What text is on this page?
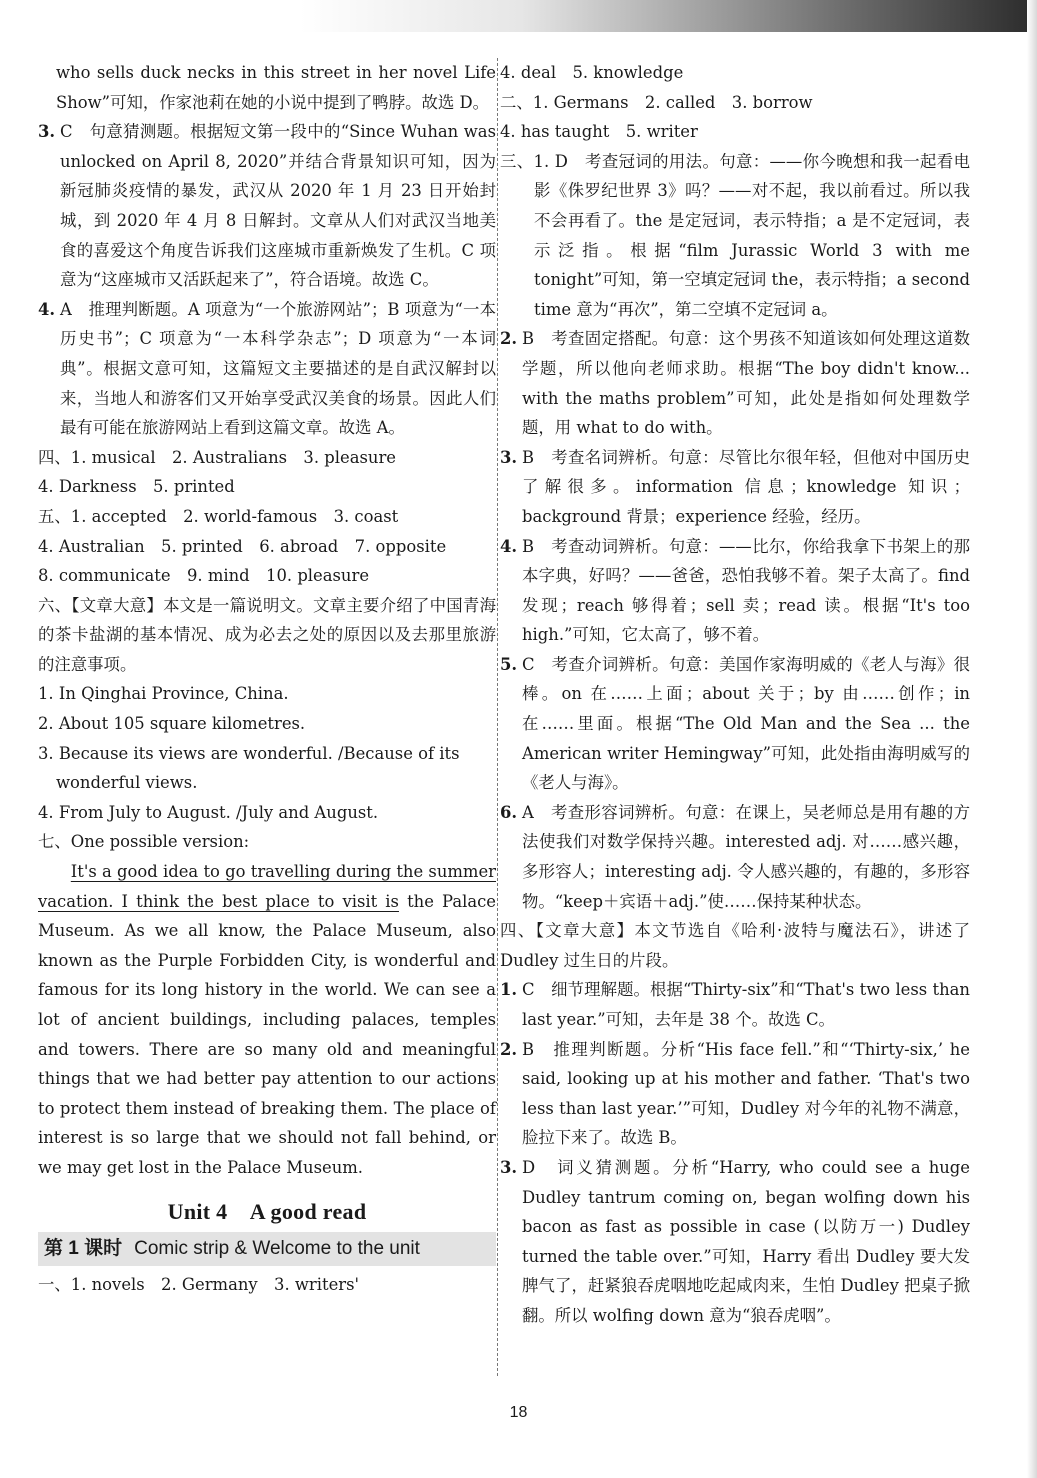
who sells duck necks in this street in her novel Life Show”可知，作家池莉在她的小说中提到了鸭脖。故选 D。

3. C　句意猜测题。根据短文第一段中的“Since Wuhan was unlocked on April 8, 2020”并结合背景知识可知，因为新冠肺炎疫情的暴发，武汉从 2020 年 1 月 23 日开始封城，到 2020 年 4 月 8 日解封。文章从人们对武汉当地美食的喜爱这个角度告诉我们这座城市重新焕发了生机。C 项意为“这座城市又活跃起来了”，符合语境。故选 C。

4. A　推理判断题。A 项意为“一个旅游网站”；B 项意为“一本历史书”；C 项意为“一本科学杂志”；D 项意为“一本词典”。根据文意可知，这篇短文主要描述的是自武汉解封以来，当地人和游客们又开始享受武汉美食的场景。因此人们最有可能在旅游网站上看到这篇文章。故选 A。

四、1. musical　2. Australians　3. pleasure

4. Darkness　5. printed

五、1. accepted　2. world-famous　3. coast

4. Australian　5. printed　6. abroad　7. opposite

8. communicate　9. mind　10. pleasure

六、【文章大意】本文是一篇说明文。文章主要介绍了中国青海的茶卡盐湖的基本情况、成为必去之处的原因以及去那里旅游的注意事项。

1. In Qinghai Province, China.

2. About 105 square kilometres.

3. Because its views are wonderful. /Because of its wonderful views.

4. From July to August. /July and August.

七、One possible version:

It's a good idea to go travelling during the summer vacation. I think the best place to visit is the Palace Museum. As we all know, the Palace Museum, also known as the Purple Forbidden City, is wonderful and famous for its long history in the world. We can see a lot of ancient buildings, including palaces, temples and towers. There are so many old and meaningful things that we had better pay attention to our actions to protect them instead of breaking them. The place of interest is so large that we should not fall behind, or we may get lost in the Palace Museum.

Unit 4　A good read
第 1 课时 Comic strip & Welcome to the unit

一、1. novels　2. Germany　3. writers'

4. deal　5. knowledge

二、1. Germans　2. called　3. borrow

4. has taught　5. writer

三、1. D　考查冠词的用法。句意：——你今晚想和我一起看电影《侏罗纪世界 3》吗？——对不起，我以前看过。所以我不会再看了。the 是定冠词，表示特指；a 是不定冠词，表示泛指。根据“film Jurassic World 3 with me tonight”可知，第一空填定冠词 the，表示特指；a second time 意为“再次”，第二空填不定冠词 a。

2. B　考查固定搭配。句意：这个男孩不知道该如何处理这道数学题，所以他向老师求助。根据“The boy didn't know... with the maths problem”可知，此处是指如何处理数学题，用 what to do with。

3. B　考查名词辨析。句意：尽管比尔很年轻，但他对中国历史了解很多。information 信息；knowledge 知识；background 背景；experience 经验，经历。

4. B　考查动词辨析。句意：——比尔，你给我拿下书架上的那本字典，好吗？——爸爸，恐怕我够不着。架子太高了。find 发现；reach 够得着；sell 卖；read 读。根据“It's too high.”可知，它太高了，够不着。

5. C　考查介词辨析。句意：美国作家海明威的《老人与海》很棒。on 在……上面；about 关于；by 由……创作；in 在……里面。根据“The Old Man and the Sea ... the American writer Hemingway”可知，此处指由海明威写的《老人与海》。

6. A　考查形容词辨析。句意：在课上，吴老师总是用有趣的方法使我们对数学保持兴趣。interested adj. 对……感兴趣，多形容人；interesting adj. 令人感兴趣的，有趣的，多形容物。“keep＋宾语＋adj.”使……保持某种状态。

四、【文章大意】本文节选自《哈利·波特与魔法石》，讲述了 Dudley 过生日的片段。

1. C　细节理解题。根据“Thirty-six”和“That's two less than last year.”可知，去年是 38 个。故选 C。

2. B　推理判断题。分析“His face fell.”和“‘Thirty-six,’ he said, looking up at his mother and father. ‘That's two less than last year.’”可知，Dudley 对今年的礼物不满意，脸拉下来了。故选 B。

3. D　词义猜测题。分析“Harry, who could see a huge Dudley tantrum coming on, began wolfing down his bacon as fast as possible in case (以防万一) Dudley turned the table over.”可知，Harry 看出 Dudley 要大发脾气了，赶紧狼吞虎咽地吃起咸肉来，生怕 Dudley 把桌子掀翻。所以 wolfing down 意为“狼吞虎咽”。

18
